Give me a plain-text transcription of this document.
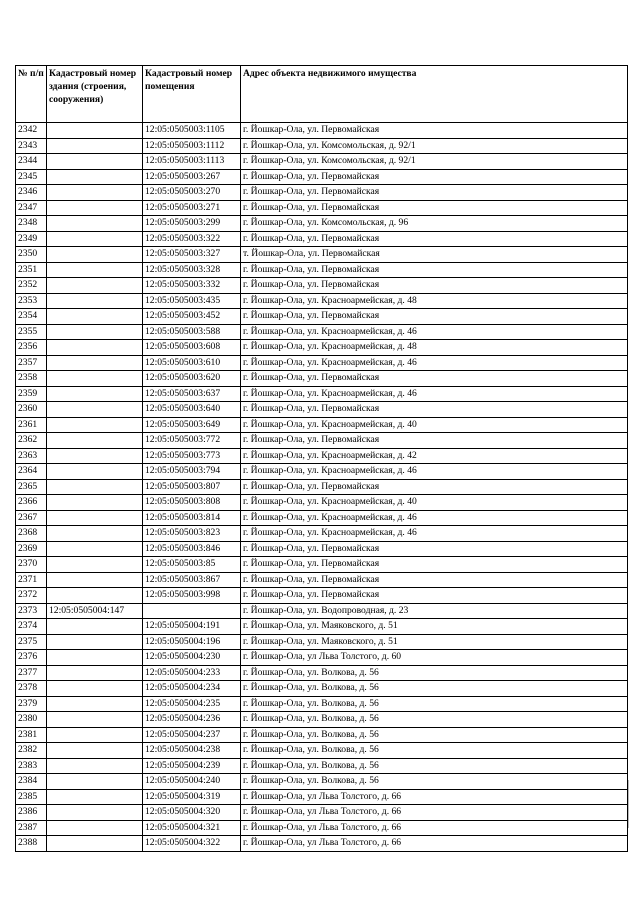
№ п/п	Кадастровый номер здания (строения, сооружения)	Кадастровый номер помещения	Адрес объекта недвижимого имущества
2342		12:05:0505003:1105	г. Йошкар-Ола, ул. Первомайская
2343		12:05:0505003:1112	г. Йошкар-Ола, ул. Комсомольская, д. 92/1
2344		12:05:0505003:1113	г. Йошкар-Ола, ул. Комсомольская, д. 92/1
2345		12:05:0505003:267	г. Йошкар-Ола, ул. Первомайская
2346		12:05:0505003:270	г. Йошкар-Ола, ул. Первомайская
2347		12:05:0505003:271	г. Йошкар-Ола, ул. Первомайская
2348		12:05:0505003:299	г. Йошкар-Ола, ул. Комсомольская, д. 96
2349		12:05:0505003:322	г. Йошкар-Ола, ул. Первомайская
2350		12:05:0505003:327	т. Йошкар-Ола, ул. Первомайская
2351		12:05:0505003:328	г. Йошкар-Ола, ул. Первомайская
2352		12:05:0505003:332	г. Йошкар-Ола, ул. Первомайская
2353		12:05:0505003:435	г. Йошкар-Ола, ул. Красноармейская, д. 48
2354		12:05:0505003:452	г. Йошкар-Ола, ул. Первомайская
2355		12:05:0505003:588	г. Йошкар-Ола, ул. Красноармейская, д. 46
2356		12:05:0505003:608	г. Йошкар-Ола, ул. Красноармейская, д. 48
2357		12:05:0505003:610	г. Йошкар-Ола, ул. Красноармейская, д. 46
2358		12:05:0505003:620	г. Йошкар-Ола, ул. Первомайская
2359		12:05:0505003:637	г. Йошкар-Ола, ул. Красноармейская, д. 46
2360		12:05:0505003:640	г. Йошкар-Ола, ул. Первомайская
2361		12:05:0505003:649	г. Йошкар-Ола, ул. Красноармейская, д. 40
2362		12:05:0505003:772	г. Йошкар-Ола, ул. Первомайская
2363		12:05:0505003:773	г. Йошкар-Ола, ул. Красноармейская, д. 42
2364		12:05:0505003:794	г. Йошкар-Ола, ул. Красноармейская, д. 46
2365		12:05:0505003:807	г. Йошкар-Ола, ул. Первомайская
2366		12:05:0505003:808	г. Йошкар-Ола, ул. Красноармейская, д. 40
2367		12:05:0505003:814	г. Йошкар-Ола, ул. Красноармейская, д. 46
2368		12:05:0505003:823	г. Йошкар-Ола, ул. Красноармейская, д. 46
2369		12:05:0505003:846	г. Йошкар-Ола, ул. Первомайская
2370		12:05:0505003:85	г. Йошкар-Ола, ул. Первомайская
2371		12:05:0505003:867	г. Йошкар-Ола, ул. Первомайская
2372		12:05:0505003:998	г. Йошкар-Ола, ул. Первомайская
2373	12:05:0505004:147		г. Йошкар-Ола, ул. Водопроводная, д. 23
2374		12:05:0505004:191	г. Йошкар-Ола, ул. Маяковского, д. 51
2375		12:05:0505004:196	г. Йошкар-Ола, ул. Маяковского, д. 51
2376		12:05:0505004:230	г. Йошкар-Ола, ул Льва Толстого, д. 60
2377		12:05:0505004:233	г. Йошкар-Ола, ул. Волкова, д. 56
2378		12:05:0505004:234	г. Йошкар-Ола, ул. Волкова, д. 56
2379		12:05:0505004:235	г. Йошкар-Ола, ул. Волкова, д. 56
2380		12:05:0505004:236	г. Йошкар-Ола, ул. Волкова, д. 56
2381		12:05:0505004:237	г. Йошкар-Ола, ул. Волкова, д. 56
2382		12:05:0505004:238	г. Йошкар-Ола, ул. Волкова, д. 56
2383		12:05:0505004:239	г. Йошкар-Ола, ул. Волкова, д. 56
2384		12:05:0505004:240	г. Йошкар-Ола, ул. Волкова, д. 56
2385		12:05:0505004:319	г. Йошкар-Ола, ул Льва Толстого, д. 66
2386		12:05:0505004:320	г. Йошкар-Ола, ул Льва Толстого, д. 66
2387		12:05:0505004:321	г. Йошкар-Ола, ул Льва Толстого, д. 66
2388		12:05:0505004:322	г. Йошкар-Ола, ул Льва Толстого, д. 66
